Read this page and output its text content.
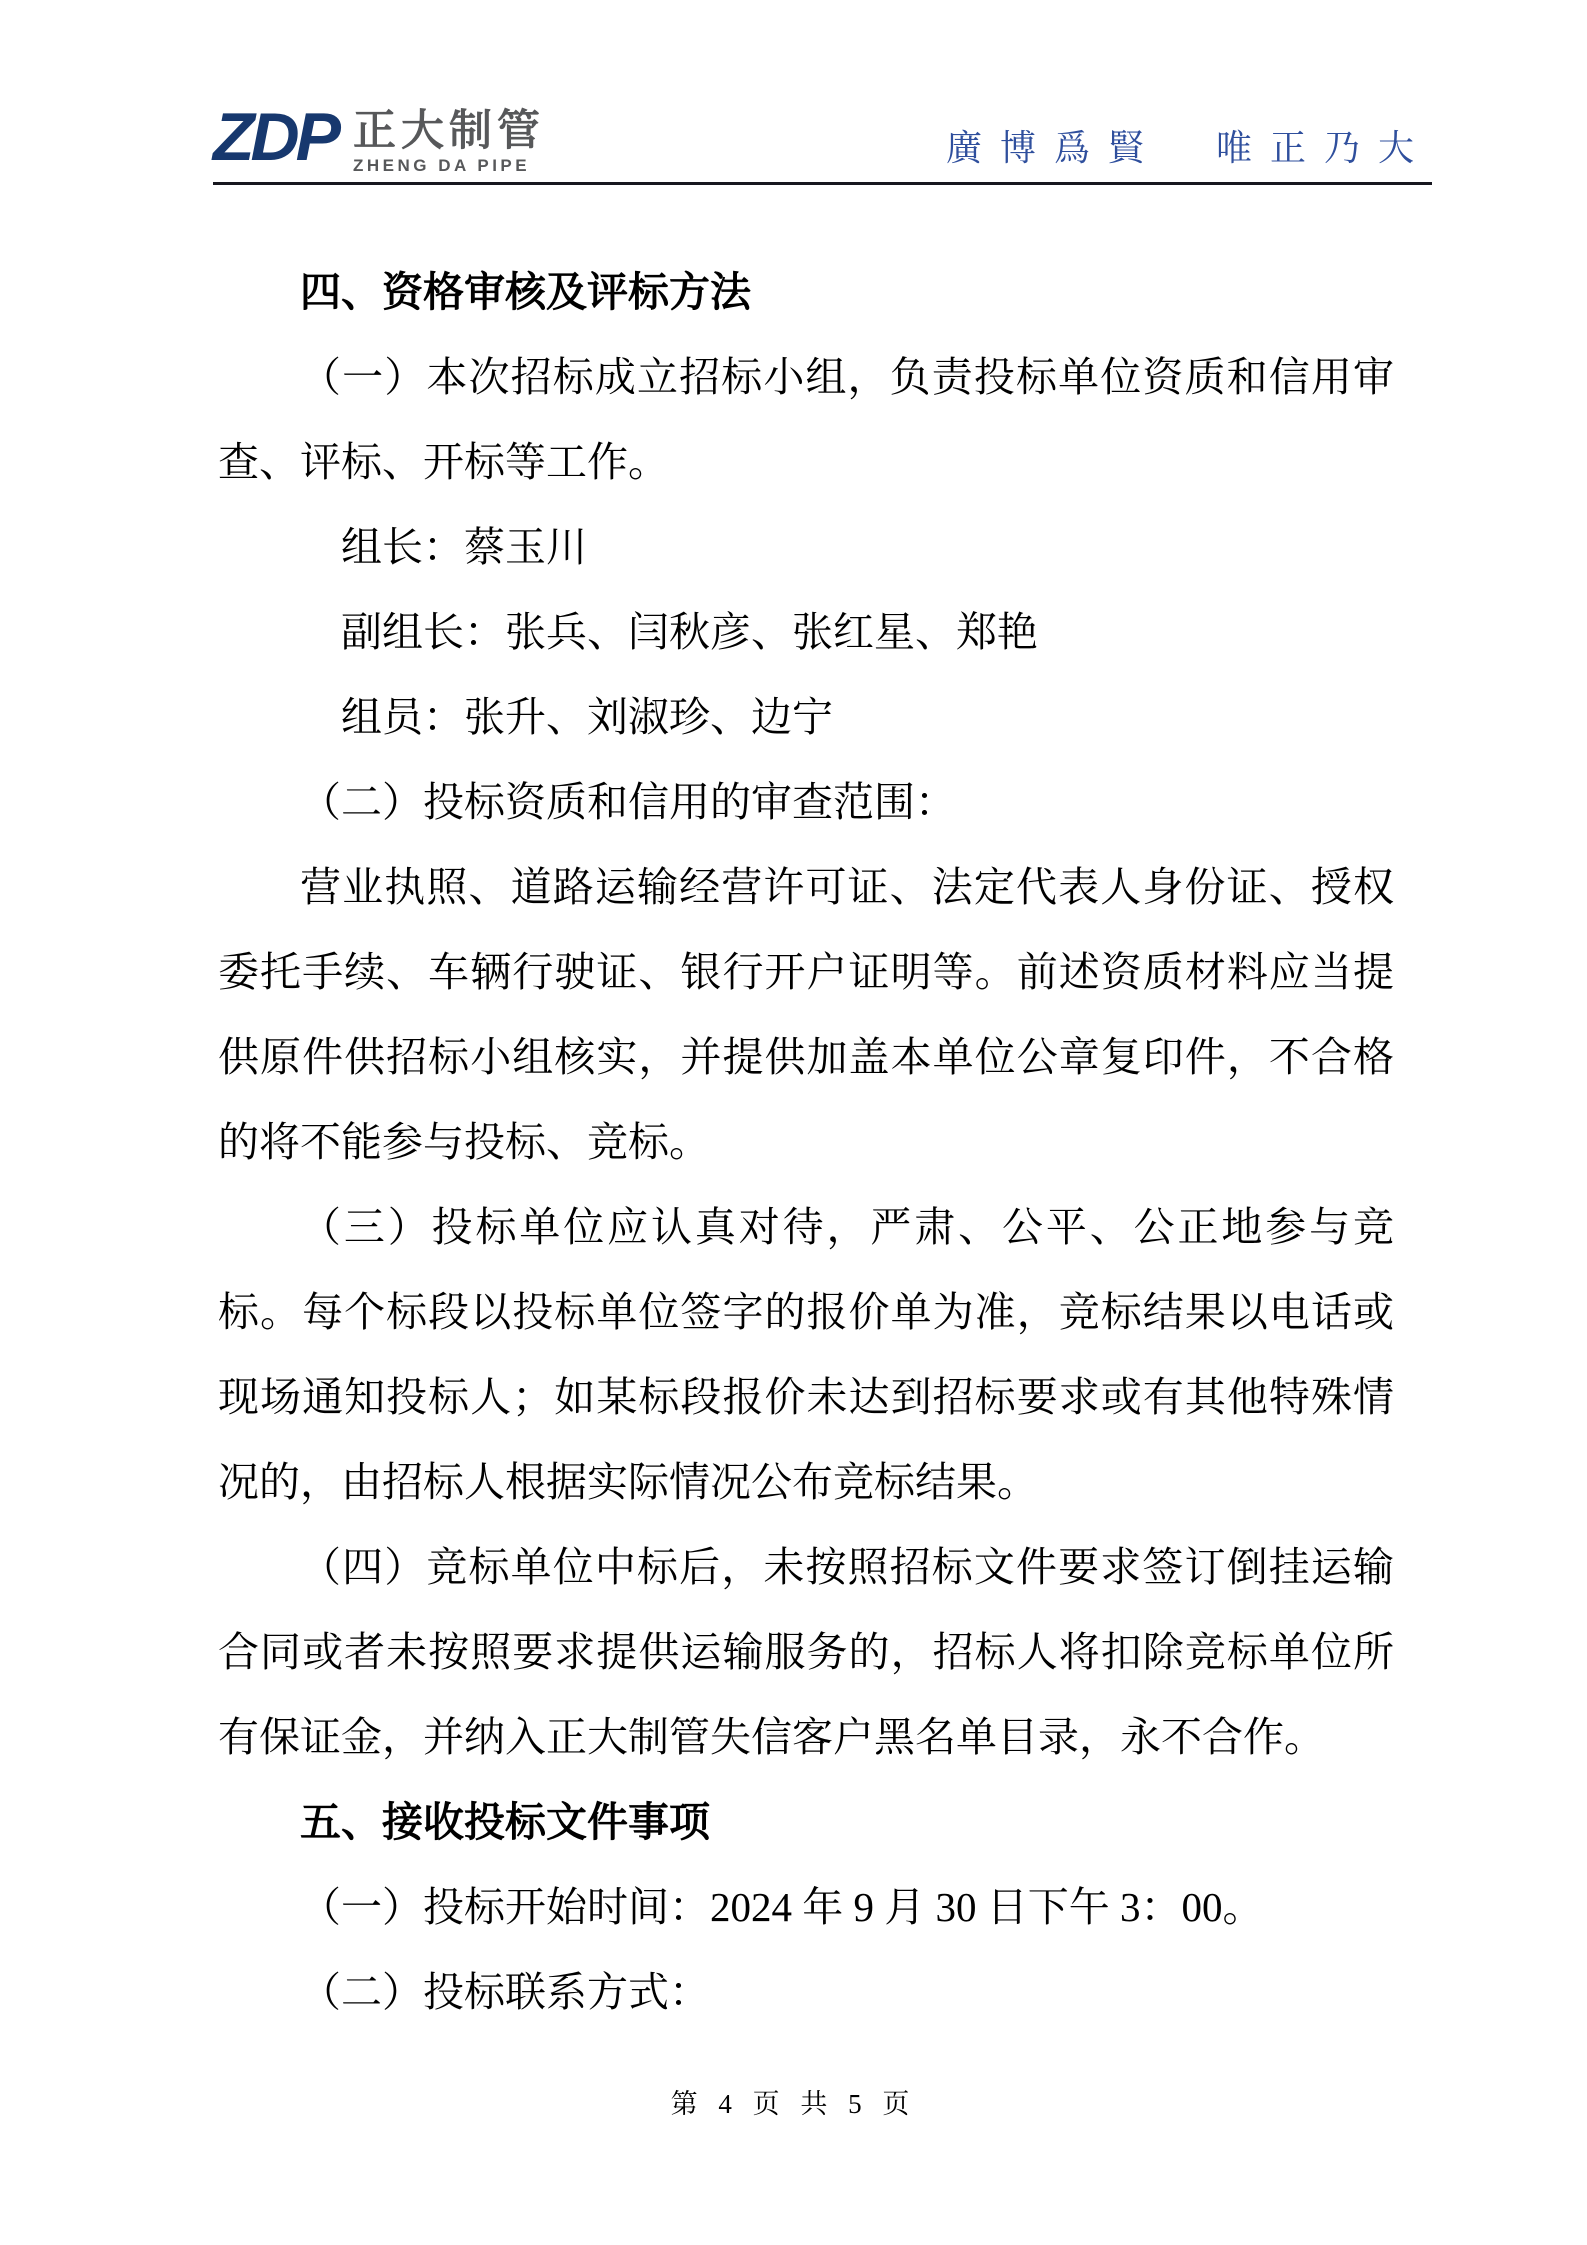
ZDP 正大制管
ZHENG DA PIPE	廣博爲賢　唯正乃大

四、资格审核及评标方法

（一）本次招标成立招标小组，负责投标单位资质和信用审查、评标、开标等工作。

组长：蔡玉川

副组长：张兵、闫秋彦、张红星、郑艳

组员：张升、刘淑珍、边宁

（二）投标资质和信用的审查范围：

营业执照、道路运输经营许可证、法定代表人身份证、授权委托手续、车辆行驶证、银行开户证明等。前述资质材料应当提供原件供招标小组核实，并提供加盖本单位公章复印件，不合格的将不能参与投标、竞标。

（三）投标单位应认真对待，严肃、公平、公正地参与竞标。每个标段以投标单位签字的报价单为准，竞标结果以电话或现场通知投标人；如某标段报价未达到招标要求或有其他特殊情况的，由招标人根据实际情况公布竞标结果。

（四）竞标单位中标后，未按照招标文件要求签订倒挂运输合同或者未按照要求提供运输服务的，招标人将扣除竞标单位所有保证金，并纳入正大制管失信客户黑名单目录，永不合作。

五、接收投标文件事项

（一）投标开始时间：2024 年 9 月 30 日下午 3：00。

（二）投标联系方式：

第 4 页 共 5 页
